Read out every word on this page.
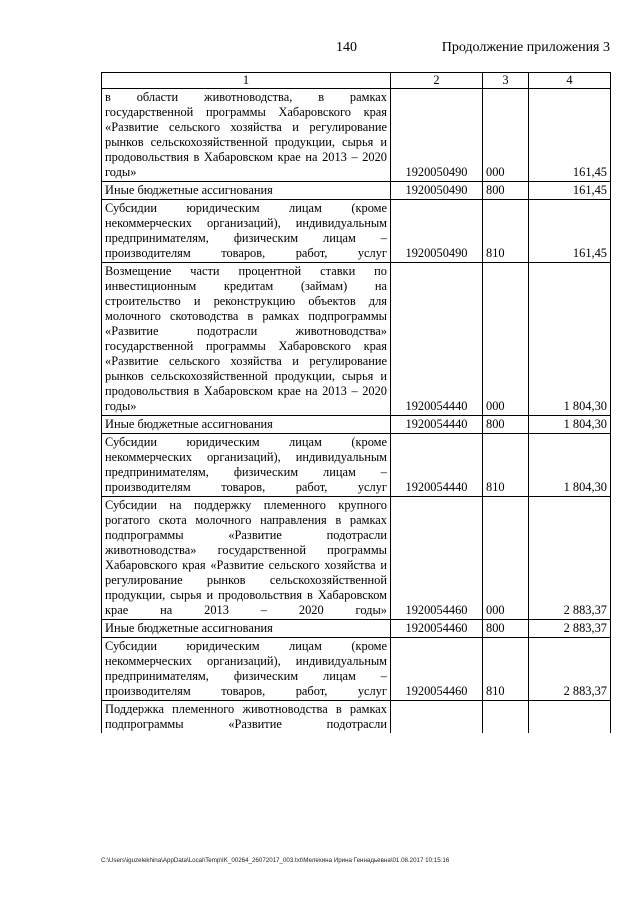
140	Продолжение приложения 3
1	2	3	4
в области животноводства, в рамках государственной программы Хабаровского края «Развитие сельского хозяйства и регулирование рынков сельскохозяйственной продукции, сырья и продовольствия в Хабаровском крае на 2013 – 2020 годы»	1920050490	000	161,45
Иные бюджетные ассигнования	1920050490	800	161,45
Субсидии юридическим лицам (кроме некоммерческих организаций), индивидуальным предпринимателям, физическим лицам – производителям товаров, работ, услуг	1920050490	810	161,45
Возмещение части процентной ставки по инвестиционным кредитам (займам) на строительство и реконструкцию объектов для молочного скотоводства в рамках подпрограммы «Развитие подотрасли животноводства» государственной программы Хабаровского края «Развитие сельского хозяйства и регулирование рынков сельскохозяйственной продукции, сырья и продовольствия в Хабаровском крае на 2013 – 2020 годы»	1920054440	000	1 804,30
Иные бюджетные ассигнования	1920054440	800	1 804,30
Субсидии юридическим лицам (кроме некоммерческих организаций), индивидуальным предпринимателям, физическим лицам – производителям товаров, работ, услуг	1920054440	810	1 804,30
Субсидии на поддержку племенного крупного рогатого скота молочного направления в рамках подпрограммы «Развитие подотрасли животноводства» государственной программы Хабаровского края «Развитие сельского хозяйства и регулирование рынков сельскохозяйственной продукции, сырья и продовольствия в Хабаровском крае на 2013 – 2020 годы»	1920054460	000	2 883,37
Иные бюджетные ассигнования	1920054460	800	2 883,37
Субсидии юридическим лицам (кроме некоммерческих организаций), индивидуальным предпринимателям, физическим лицам – производителям товаров, работ, услуг	1920054460	810	2 883,37
Поддержка племенного животноводства в рамках подпрограммы «Развитие подотрасли			
C:\Users\iguzelekhina\AppData\Local\Temp\IK_00264_26072017_003.txt\Мелехина Ирина Геннадьевна\01.08.2017 10:15:16
